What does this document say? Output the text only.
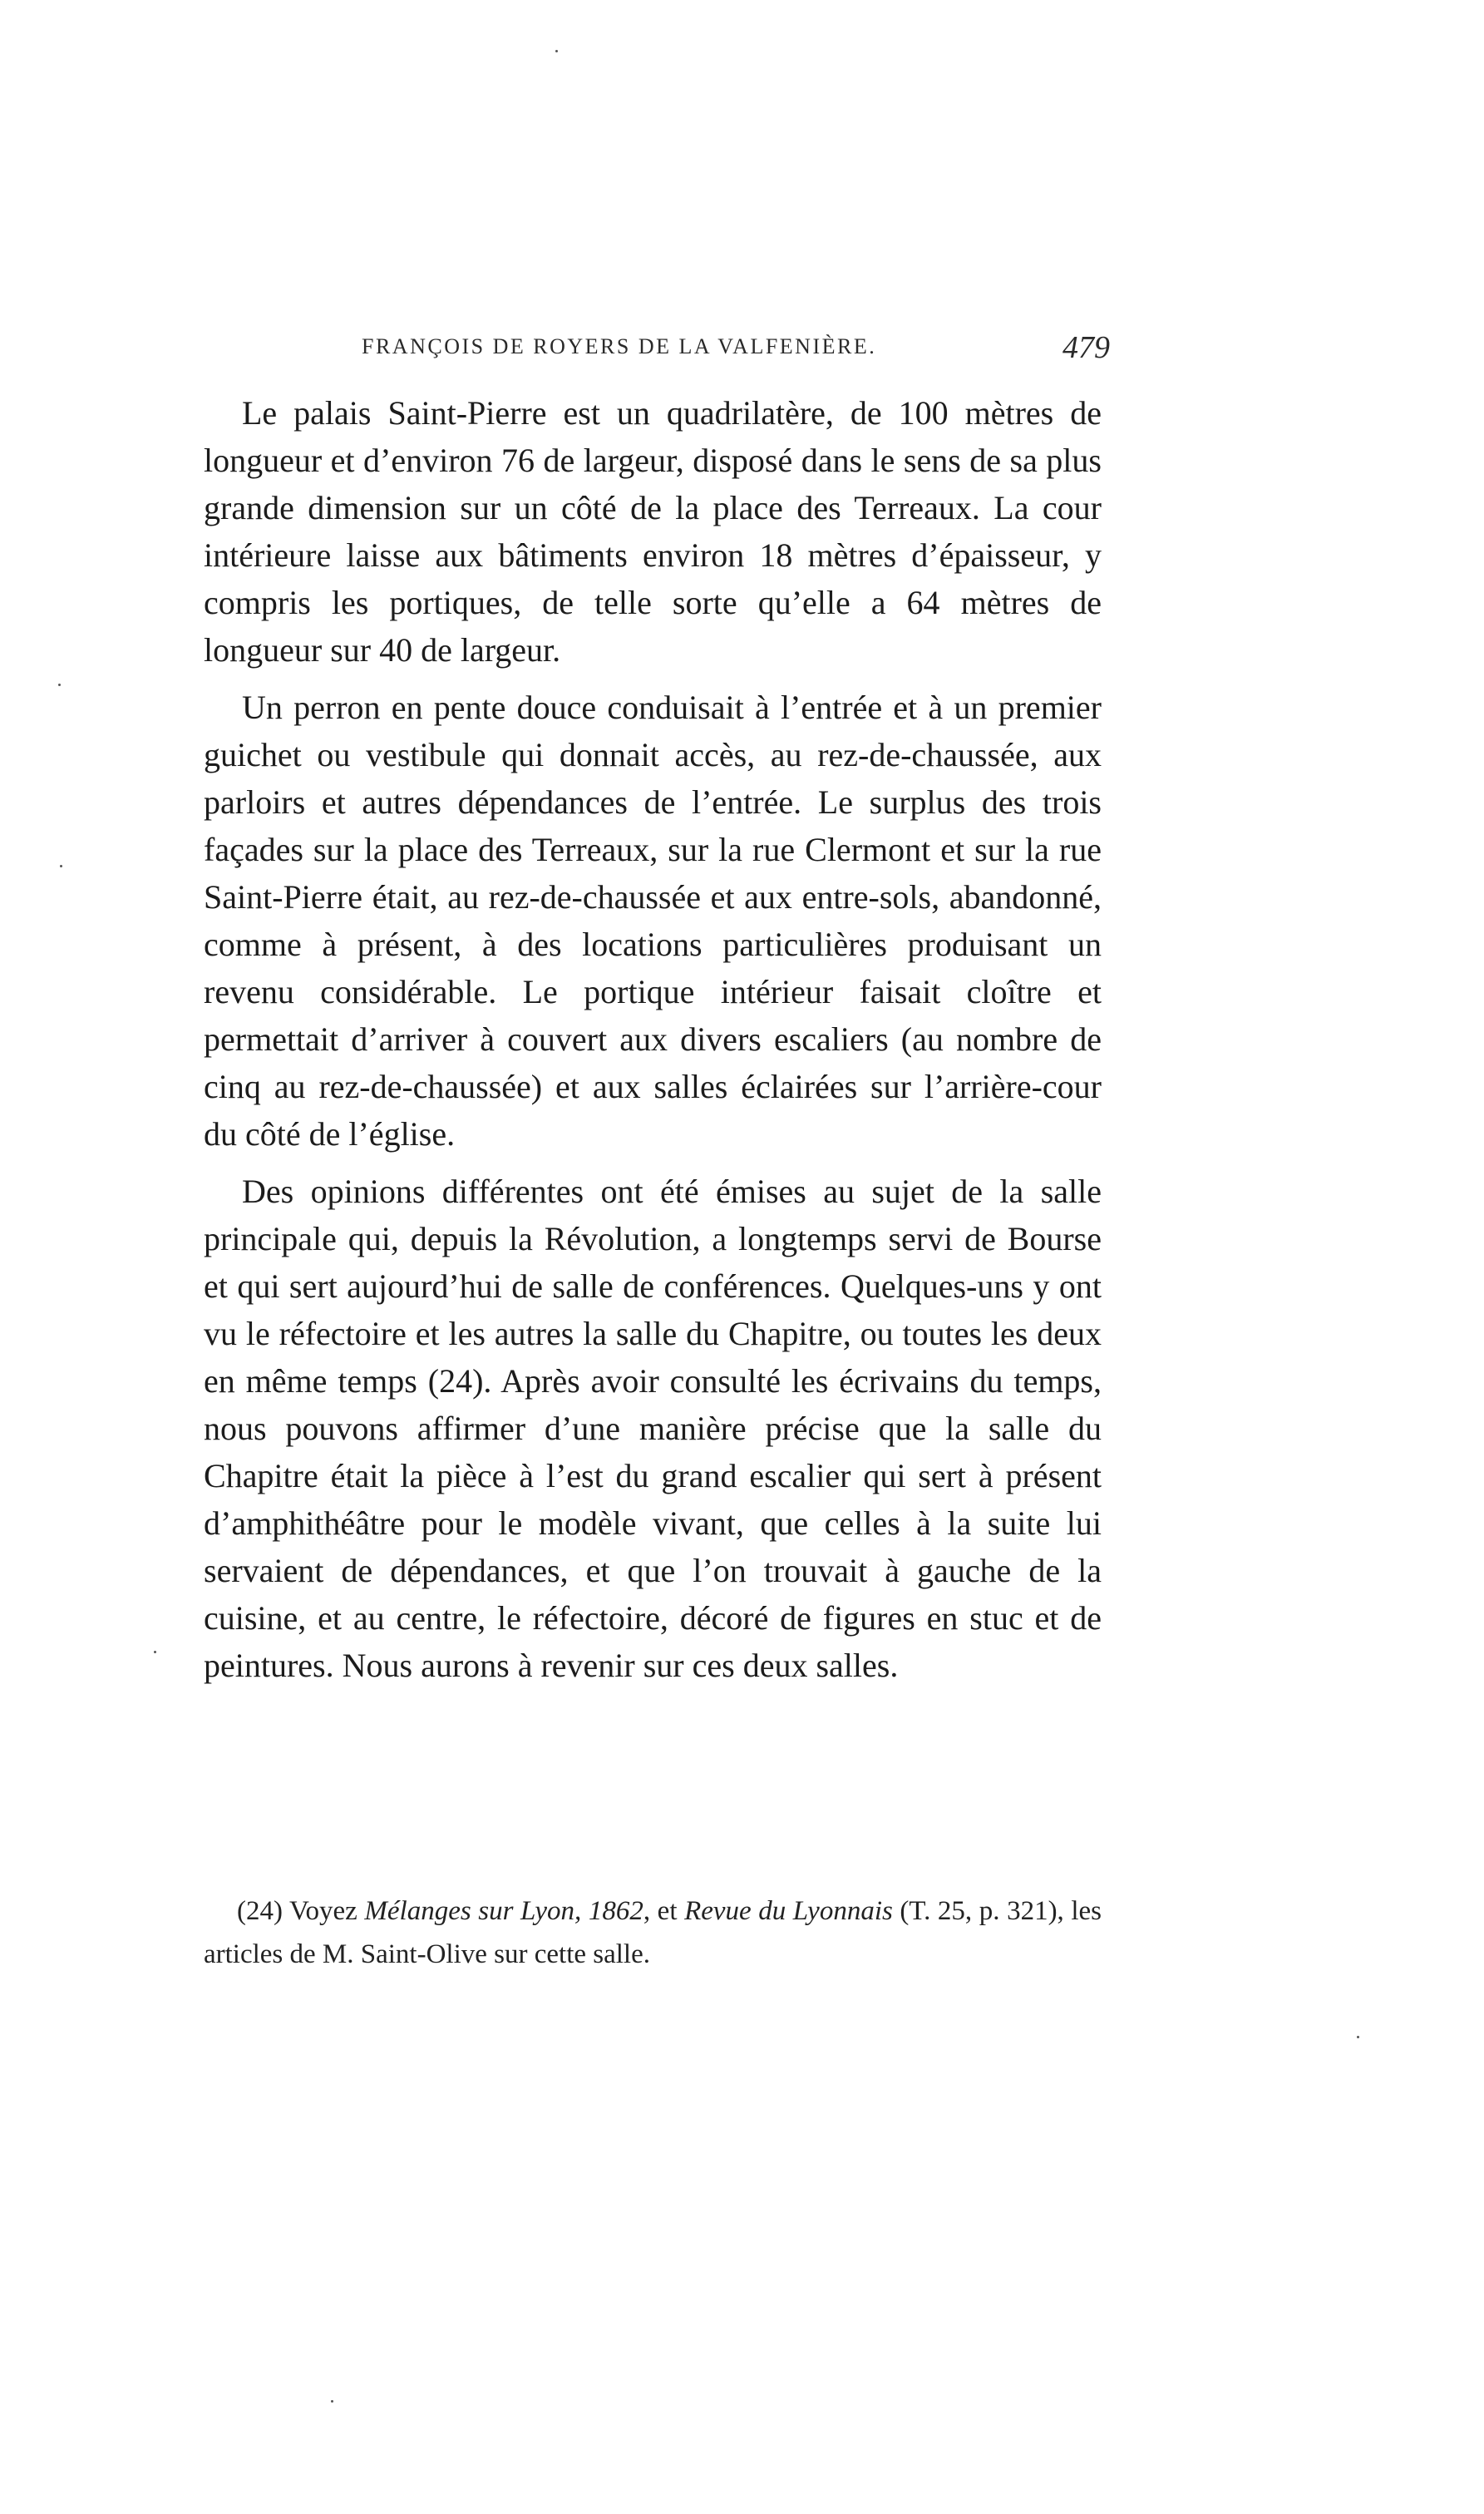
FRANÇOIS DE ROYERS DE LA VALFENIÈRE.	479

Le palais Saint-Pierre est un quadrilatère, de 100 mètres de longueur et d’environ 76 de largeur, disposé dans le sens de sa plus grande dimension sur un côté de la place des Terreaux. La cour intérieure laisse aux bâtiments environ 18 mètres d’épaisseur, y compris les portiques, de telle sorte qu’elle a 64 mètres de longueur sur 40 de largeur.

Un perron en pente douce conduisait à l’entrée et à un premier guichet ou vestibule qui donnait accès, au rez-de-chaussée, aux parloirs et autres dépendances de l’entrée. Le surplus des trois façades sur la place des Terreaux, sur la rue Clermont et sur la rue Saint-Pierre était, au rez-de-chaussée et aux entre-sols, abandonné, comme à présent, à des locations particulières produisant un revenu considérable. Le portique intérieur faisait cloître et permettait d’arriver à couvert aux divers escaliers (au nombre de cinq au rez-de-chaussée) et aux salles éclairées sur l’arrière-cour du côté de l’église.

Des opinions différentes ont été émises au sujet de la salle principale qui, depuis la Révolution, a longtemps servi de Bourse et qui sert aujourd’hui de salle de conférences. Quelques-uns y ont vu le réfectoire et les autres la salle du Chapitre, ou toutes les deux en même temps (24). Après avoir consulté les écrivains du temps, nous pouvons affirmer d’une manière précise que la salle du Chapitre était la pièce à l’est du grand escalier qui sert à présent d’amphithéâtre pour le modèle vivant, que celles à la suite lui servaient de dépendances, et que l’on trouvait à gauche de la cuisine, et au centre, le réfectoire, décoré de figures en stuc et de peintures. Nous aurons à revenir sur ces deux salles.

(24) Voyez Mélanges sur Lyon, 1862, et Revue du Lyonnais (T. 25, p. 321), les articles de M. Saint-Olive sur cette salle.
